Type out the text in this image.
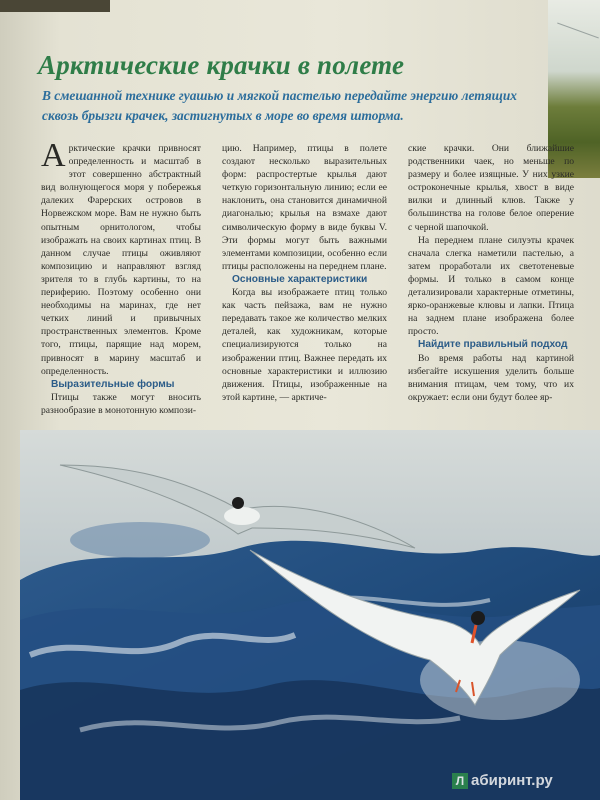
Арктические крачки в полете

В смешанной технике гуашью и мягкой пастелью передайте энергию летящих сквозь брызги крачек, застигнутых в море во время шторма.

Арктические крачки привносят определенность и масштаб в этот совершенно абстрактный вид волнующегося моря у побережья далеких Фарерских островов в Норвежском море. Вам не нужно быть опытным орнитологом, чтобы изображать на своих картинах птиц. В данном случае птицы оживляют композицию и направляют взгляд зрителя то в глубь картины, то на периферию. Поэтому особенно они необходимы на маринах, где нет четких линий и привычных пространственных элементов. Кроме того, птицы, парящие над морем, привносят в марину масштаб и определенность.

Выразительные формы

Птицы также могут вносить разнообразие в монотонную компози-

цию. Например, птицы в полете создают несколько выразительных форм: распростертые крылья дают четкую горизонтальную линию; если ее наклонить, она становится динамичной диагональю; крылья на взмахе дают символическую форму в виде буквы V. Эти формы могут быть важными элементами композиции, особенно если птицы расположены на переднем плане.

Основные характеристики

Когда вы изображаете птиц только как часть пейзажа, вам не нужно передавать такое же количество мелких деталей, как художникам, которые специализируются только на изображении птиц. Важнее передать их основные характеристики и иллюзию движения. Птицы, изображенные на этой картине, — арктиче-

ские крачки. Они ближайшие родственники чаек, но меньше по размеру и более изящные. У них узкие остроконечные крылья, хвост в виде вилки и длинный клюв. Также у большинства на голове белое оперение с черной шапочкой.

На переднем плане силуэты крачек сначала слегка наметили пастелью, а затем проработали их светотеневые формы. И только в самом конце детализировали характерные отметины, ярко-оранжевые клювы и лапки. Птица на заднем плане изображена более просто.

Найдите правильный подход

Во время работы над картиной избегайте искушения уделить больше внимания птицам, чем тому, что их окружает: если они будут более яр-

Л абиринт.ру
